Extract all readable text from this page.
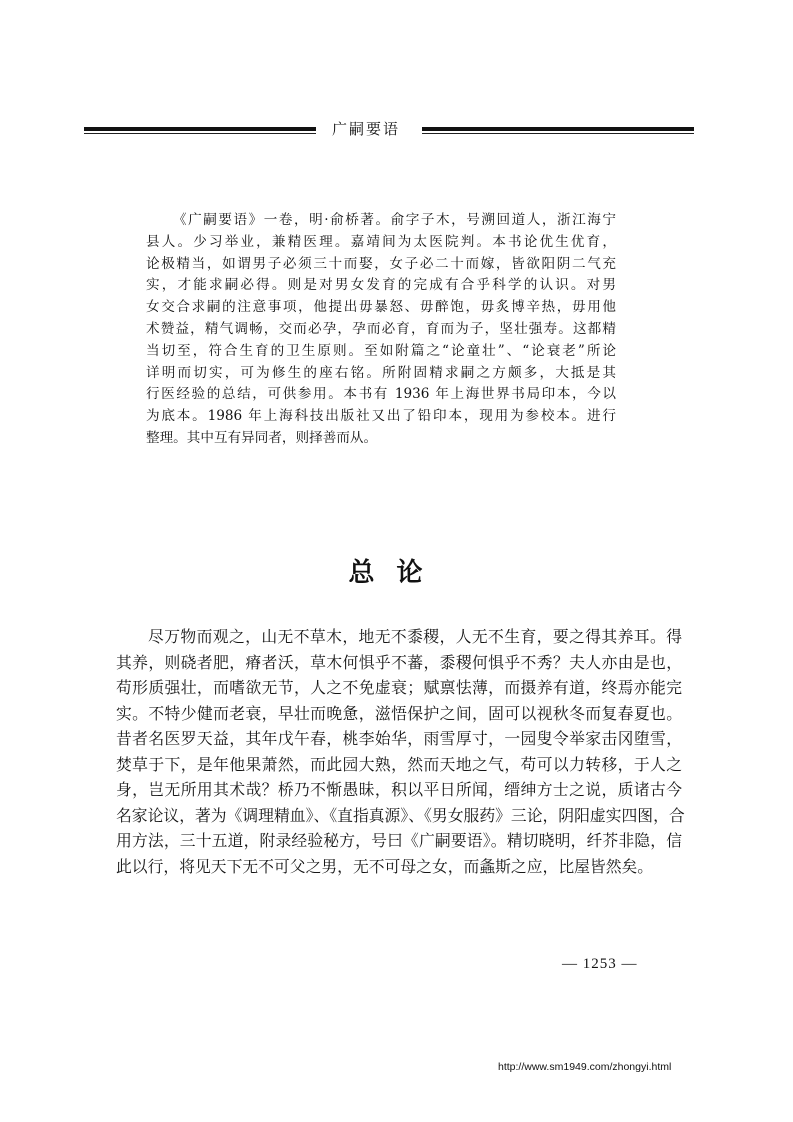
广嗣要语
《广嗣要语》一卷，明·俞桥著。俞字子木，号溯回道人，浙江海宁
县人。少习举业，兼精医理。嘉靖间为太医院判。本书论优生优育，
论极精当，如谓男子必须三十而娶，女子必二十而嫁，皆欲阳阴二气充
实，才能求嗣必得。则是对男女发育的完成有合乎科学的认识。对男
女交合求嗣的注意事项，他提出毋暴怒、毋醉饱，毋炙博辛热，毋用他
术赞益，精气调畅，交而必孕，孕而必育，育而为子，坚壮强寿。这都精
当切至，符合生育的卫生原则。至如附篇之“论童壮”、“论衰老”所论
详明而切实，可为修生的座右铭。所附固精求嗣之方颇多，大抵是其
行医经验的总结，可供参用。本书有 1936 年上海世界书局印本，今以
为底本。1986 年上海科技出版社又出了铅印本，现用为参校本。进行
整理。其中互有异同者，则择善而从。
总论
尽万物而观之，山无不草木，地无不黍稷，人无不生育，要之得其养耳。得
其养，则硗者肥，瘠者沃，草木何惧乎不蕃，黍稷何惧乎不秀？夫人亦由是也，
苟形质强壮，而嗜欲无节，人之不免虚衰；赋禀怯薄，而摄养有道，终焉亦能完
实。不特少健而老衰，早壮而晚惫，滋悟保护之间，固可以视秋冬而复春夏也。
昔者名医罗天益，其年戊午春，桃李始华，雨雪厚寸，一园叟令举家击冈堕雪，
焚草于下，是年他果萧然，而此园大熟，然而天地之气，苟可以力转移，于人之
身，岂无所用其术哉？桥乃不惭愚昧，积以平日所闻，缙绅方士之说，质诸古今
名家论议，著为《调理精血》、《直指真源》、《男女服药》三论，阴阳虚实四图，合
用方法，三十五道，附录经验秘方，号曰《广嗣要语》。精切晓明，纤芥非隐，信
此以行，将见天下无不可父之男，无不可母之女，而螽斯之应，比屋皆然矣。
— 1253 —
http://www.sm1949.com/zhongyi.html
